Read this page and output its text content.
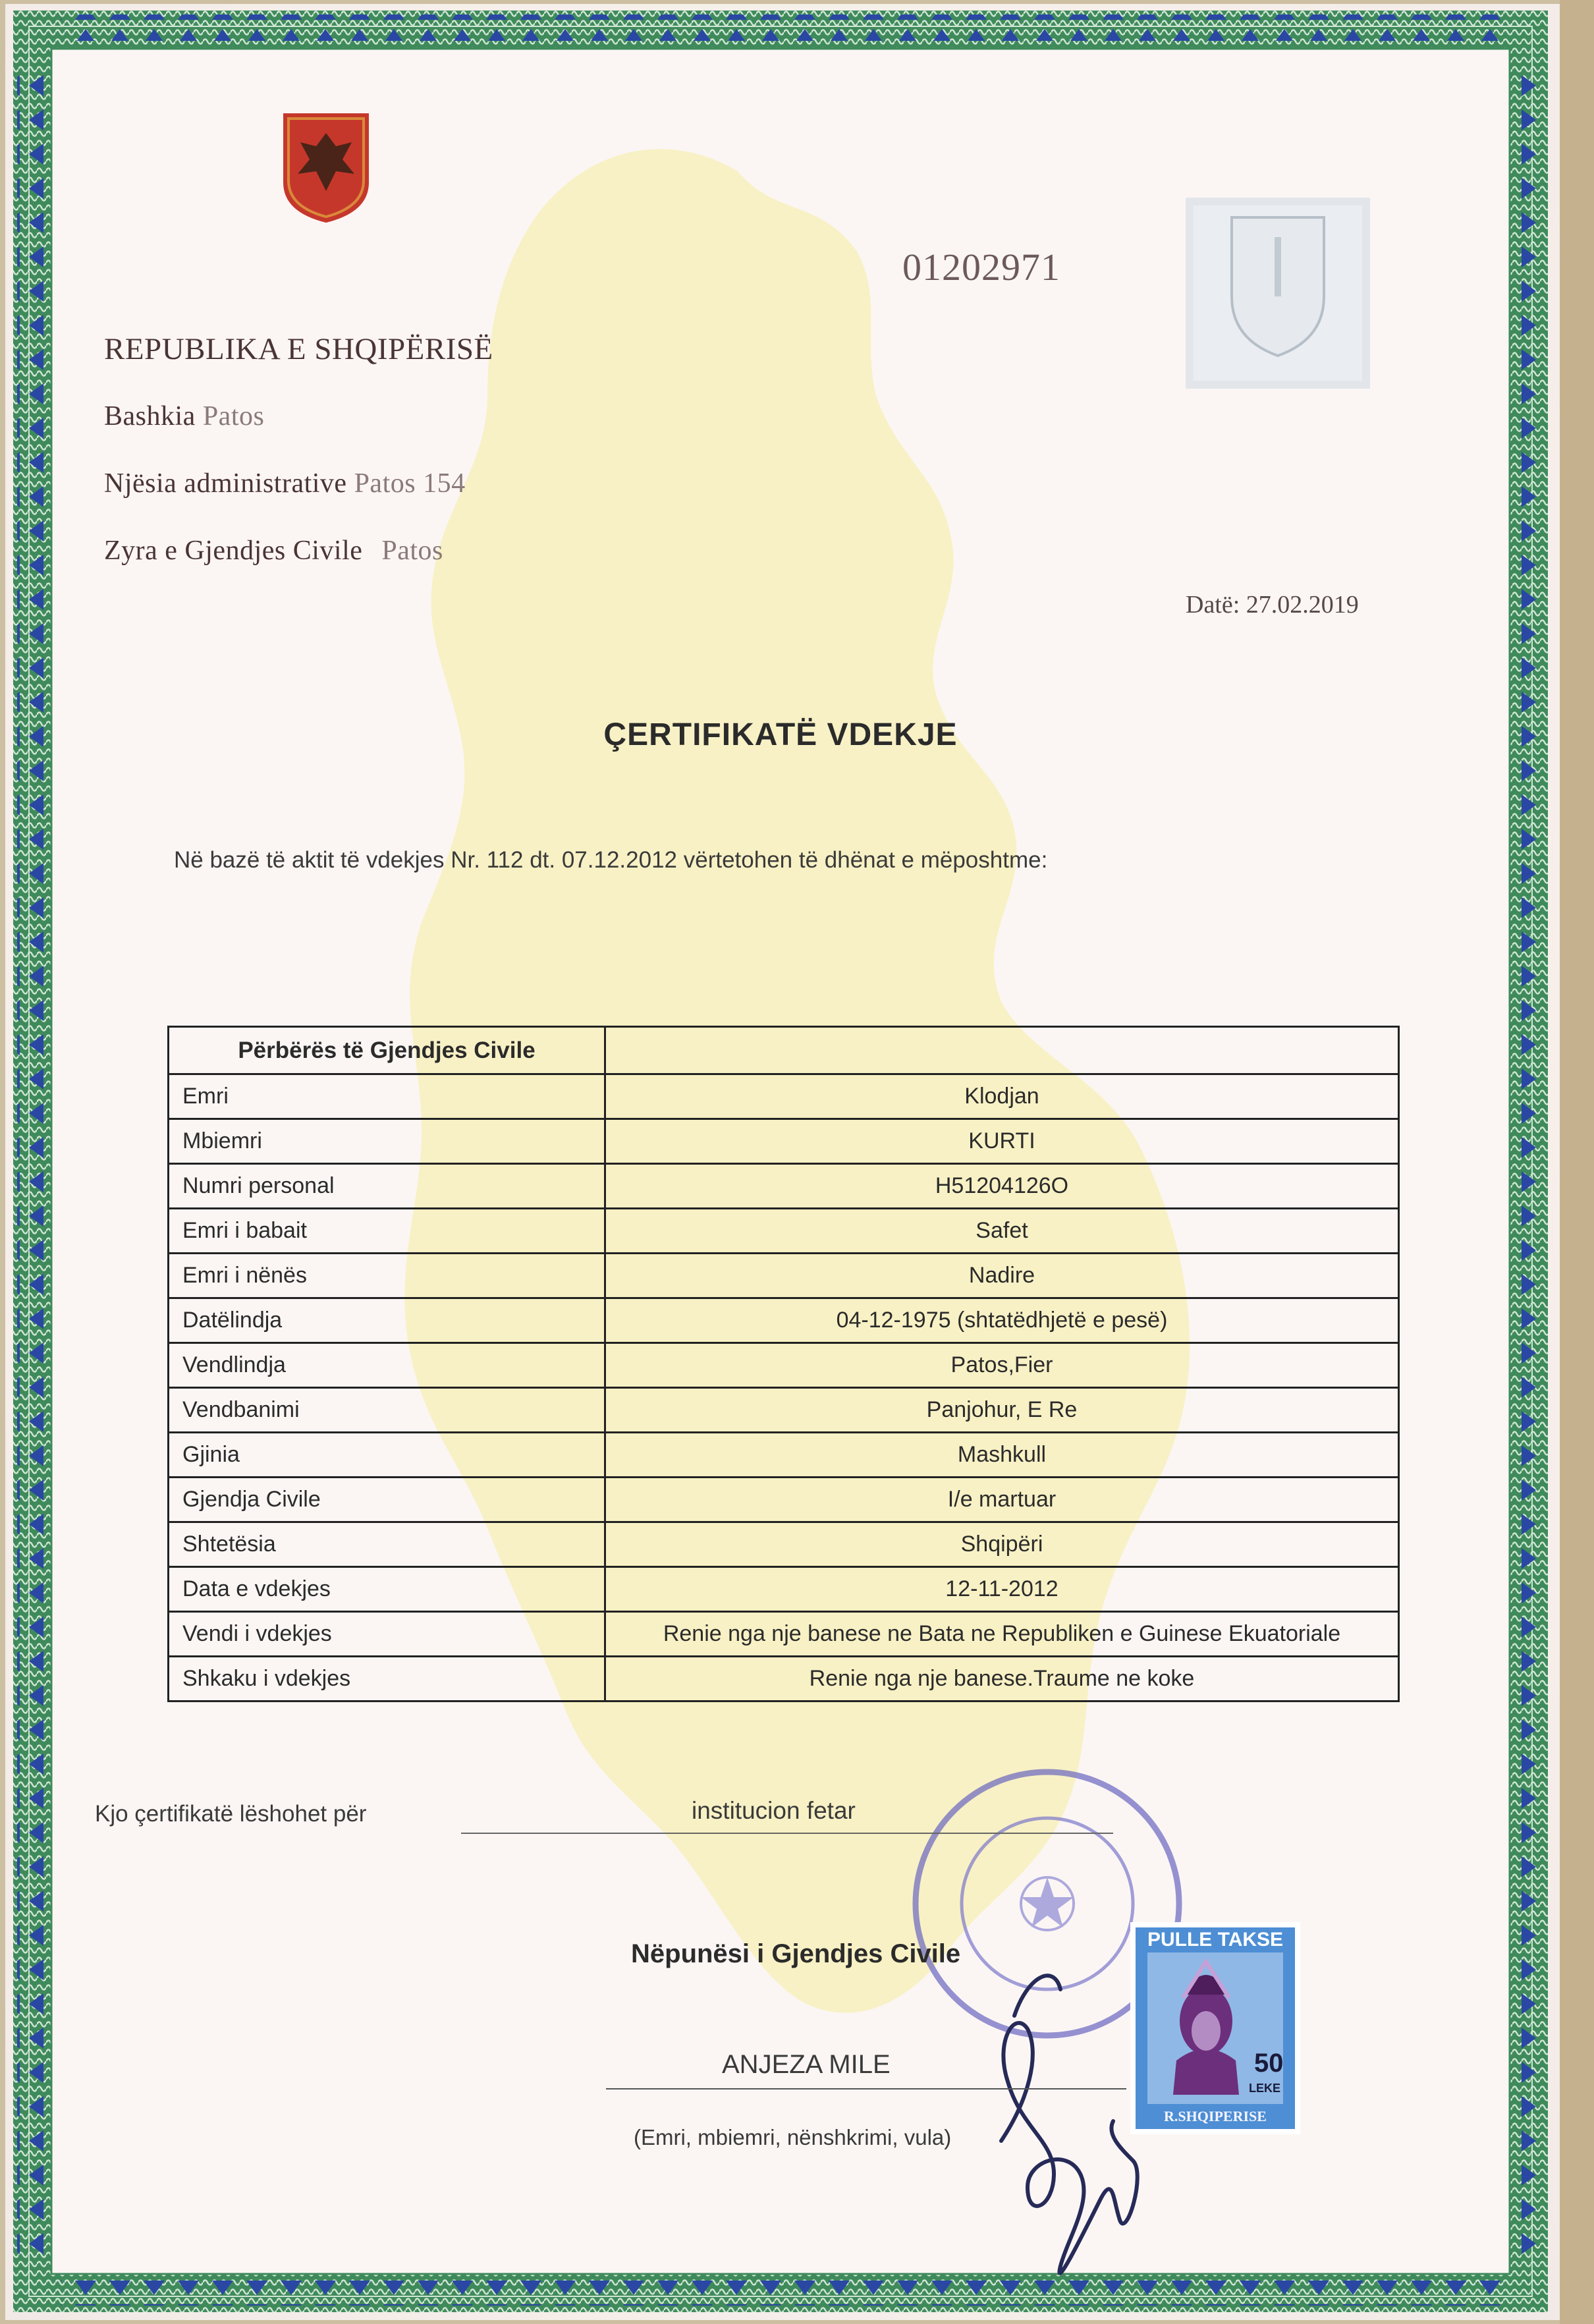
01202971
REPUBLIKA E SHQIPËRISË
Bashkia Patos
Njësia administrative Patos 154
Zyra e Gjendjes Civile Patos
Datë: 27.02.2019
ÇERTIFIKATË VDEKJE
Në bazë të aktit të vdekjes Nr. 112 dt. 07.12.2012 vërtetohen të dhënat e mëposhtme:
Përbërës të Gjendjes Civile	
Emri	Klodjan
Mbiemri	KURTI
Numri personal	H51204126O
Emri i babait	Safet
Emri i nënës	Nadire
Datëlindja	04-12-1975 (shtatëdhjetë e pesë)
Vendlindja	Patos,Fier
Vendbanimi	Panjohur, E Re
Gjinia	Mashkull
Gjendja Civile	I/e martuar
Shtetësia	Shqipëri
Data e vdekjes	12-11-2012
Vendi i vdekjes	Renie nga nje banese ne Bata ne Republiken e Guinese Ekuatoriale
Shkaku i vdekjes	Renie nga nje banese.Traume ne koke
Kjo çertifikatë lëshohet për	institucion fetar
Nëpunësi i Gjendjes Civile
ANJEZA MILE
(Emri, mbiemri, nënshkrimi, vula)
PULLE TAKSE
50
LEKE
R.SHQIPERISE
